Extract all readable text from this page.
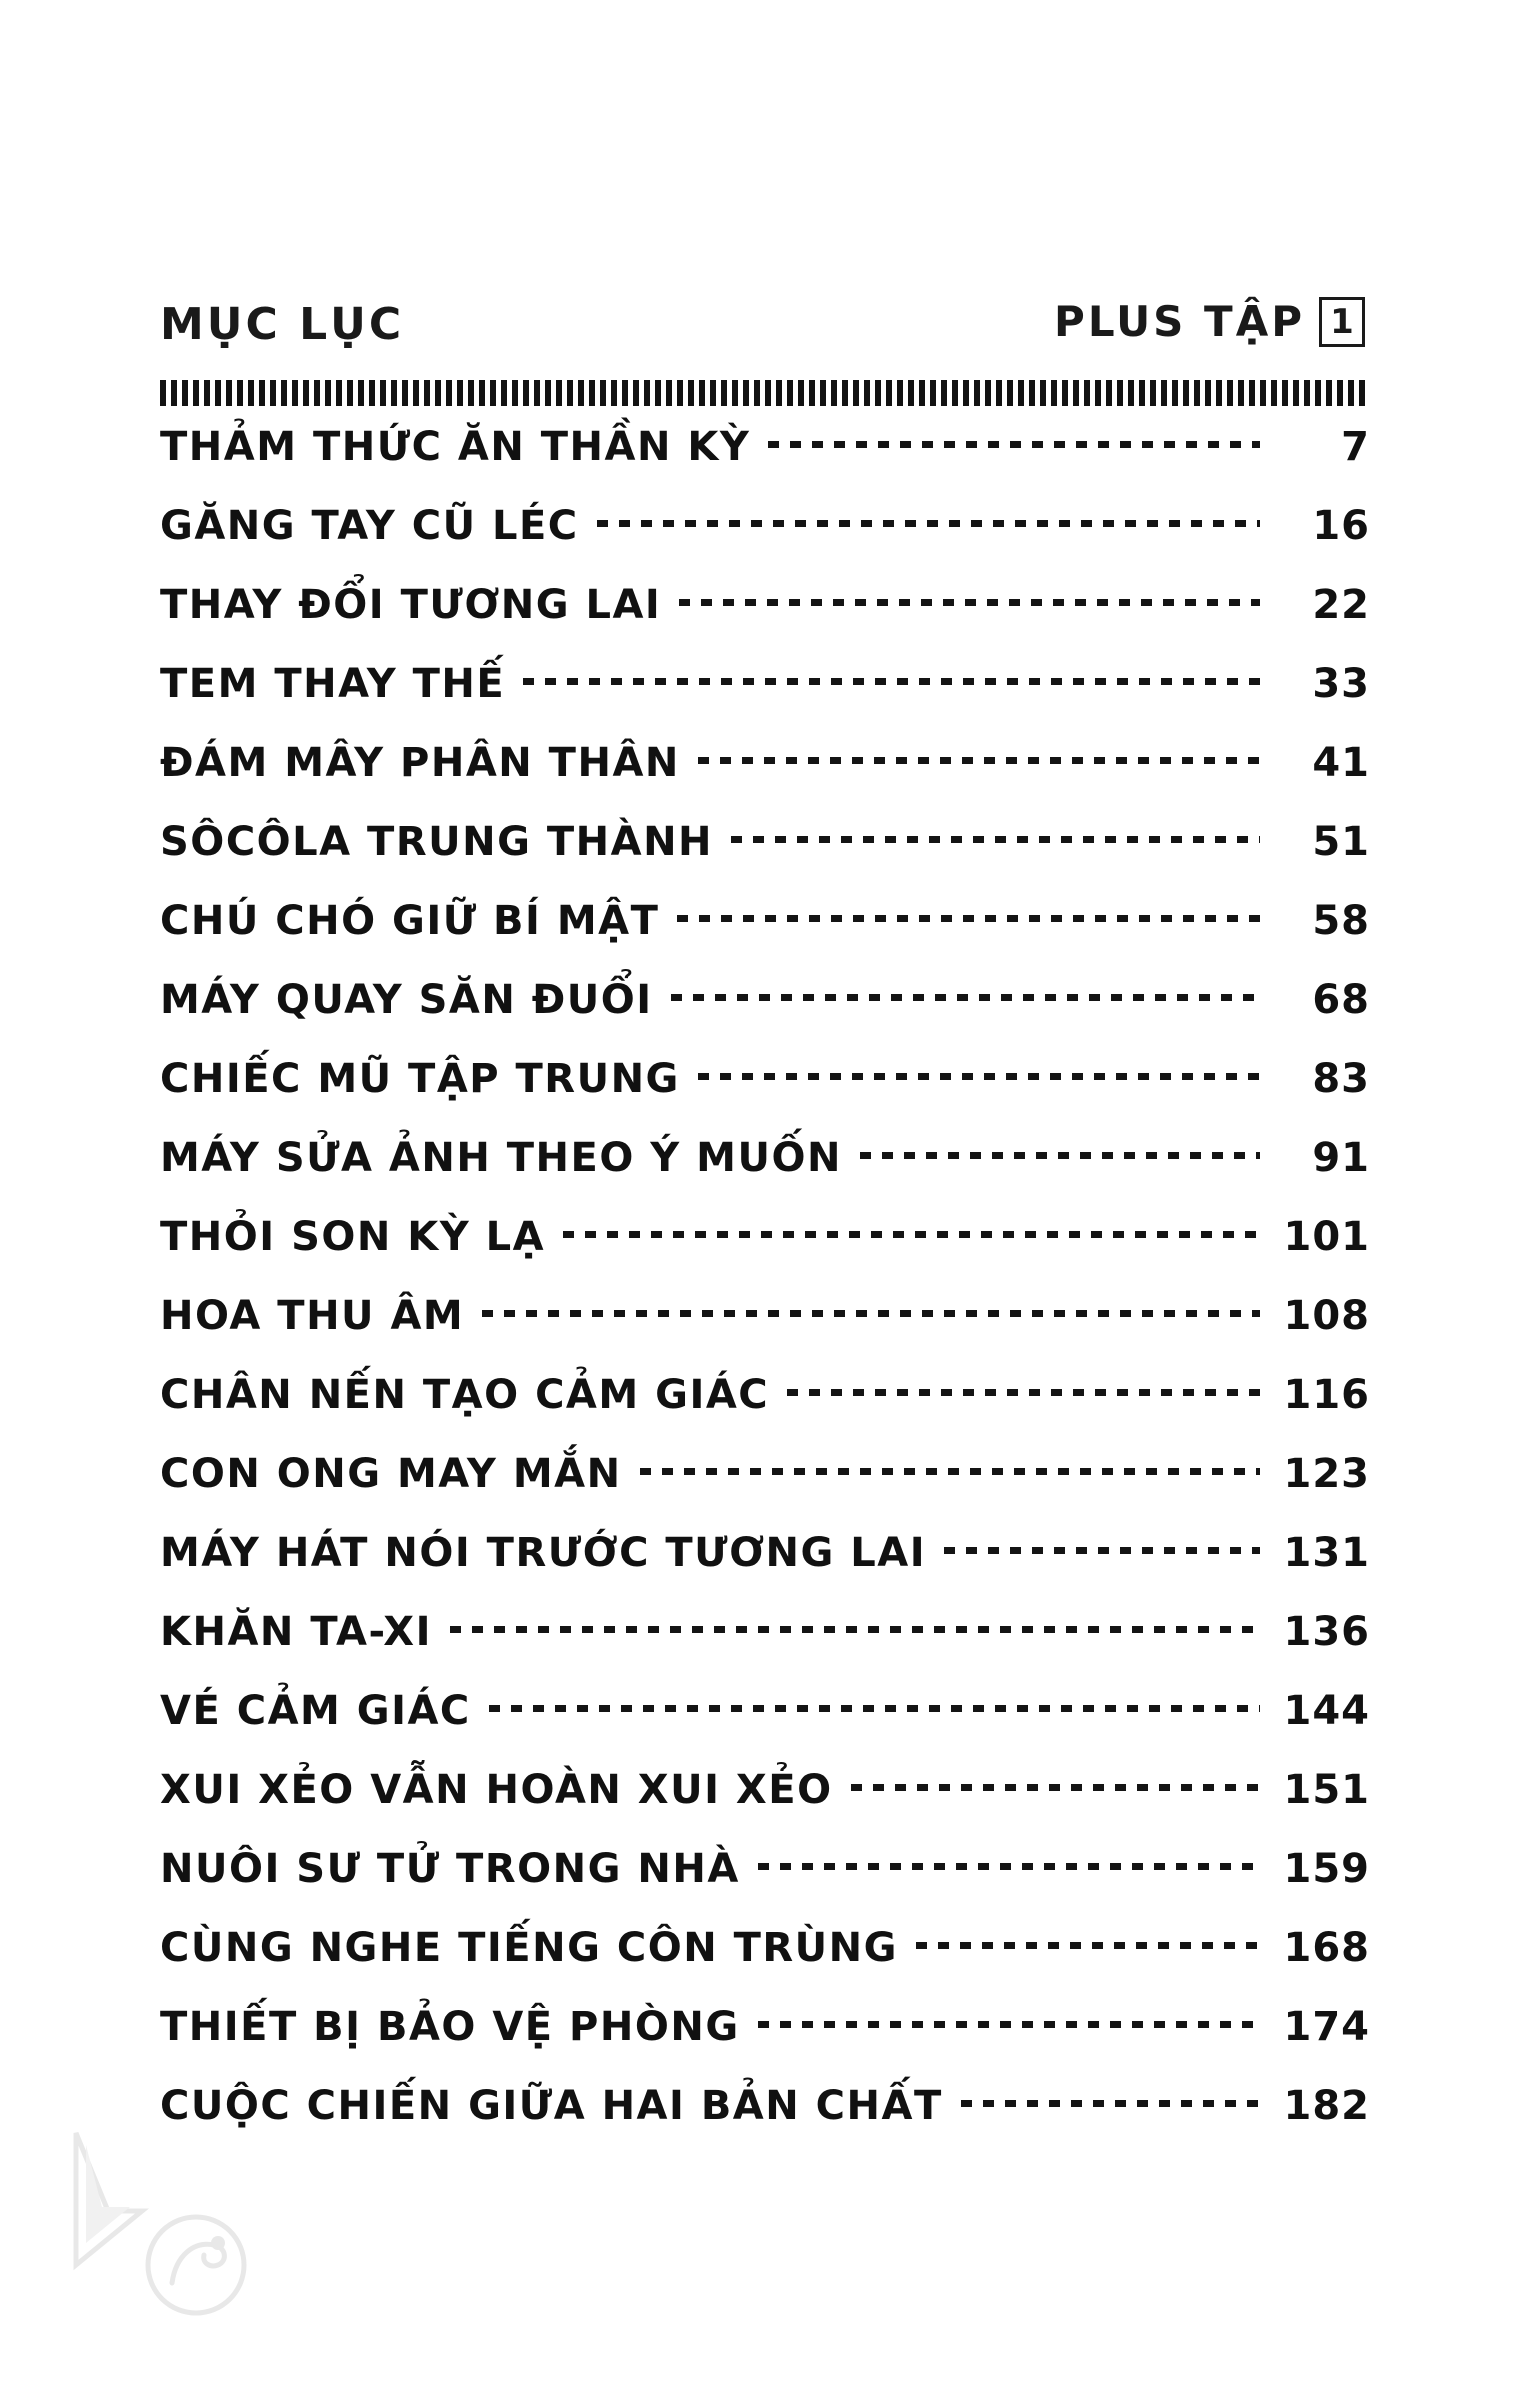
MỤC LỤC	PLUS TẬP 1
THẢM THỨC ĂN THẦN KỲ	7
GĂNG TAY CŨ LÉC	16
THAY ĐỔI TƯƠNG LAI	22
TEM THAY THẾ	33
ĐÁM MÂY PHÂN THÂN	41
SÔCÔLA TRUNG THÀNH	51
CHÚ CHÓ GIỮ BÍ MẬT	58
MÁY QUAY SĂN ĐUỔI	68
CHIẾC MŨ TẬP TRUNG	83
MÁY SỬA ẢNH THEO Ý MUỐN	91
THỎI SON KỲ LẠ	101
HOA THU ÂM	108
CHÂN NẾN TẠO CẢM GIÁC	116
CON ONG MAY MẮN	123
MÁY HÁT NÓI TRƯỚC TƯƠNG LAI	131
KHĂN TA-XI	136
VÉ CẢM GIÁC	144
XUI XẺO VẪN HOÀN XUI XẺO	151
NUÔI SƯ TỬ TRONG NHÀ	159
CÙNG NGHE TIẾNG CÔN TRÙNG	168
THIẾT BỊ BẢO VỆ PHÒNG	174
CUỘC CHIẾN GIỮA HAI BẢN CHẤT	182
